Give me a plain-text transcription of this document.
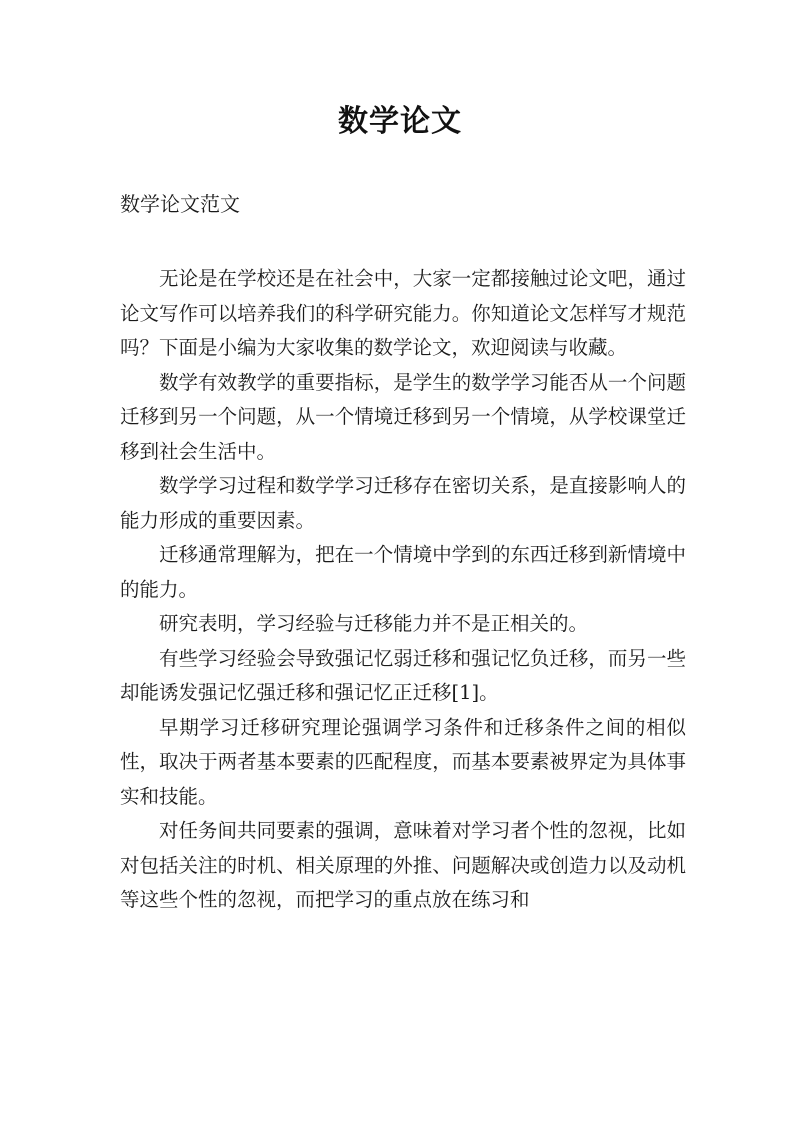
数学论文

数学论文范文

无论是在学校还是在社会中，大家一定都接触过论文吧，通过论文写作可以培养我们的科学研究能力。你知道论文怎样写才规范吗？下面是小编为大家收集的数学论文，欢迎阅读与收藏。

数学有效教学的重要指标，是学生的数学学习能否从一个问题迁移到另一个问题，从一个情境迁移到另一个情境，从学校课堂迁移到社会生活中。

数学学习过程和数学学习迁移存在密切关系，是直接影响人的能力形成的重要因素。

迁移通常理解为，把在一个情境中学到的东西迁移到新情境中的能力。

研究表明，学习经验与迁移能力并不是正相关的。

有些学习经验会导致强记忆弱迁移和强记忆负迁移，而另一些却能诱发强记忆强迁移和强记忆正迁移[1]。

早期学习迁移研究理论强调学习条件和迁移条件之间的相似性，取决于两者基本要素的匹配程度，而基本要素被界定为具体事实和技能。

对任务间共同要素的强调，意味着对学习者个性的忽视，比如对包括关注的时机、相关原理的外推、问题解决或创造力以及动机等这些个性的忽视，而把学习的重点放在练习和
